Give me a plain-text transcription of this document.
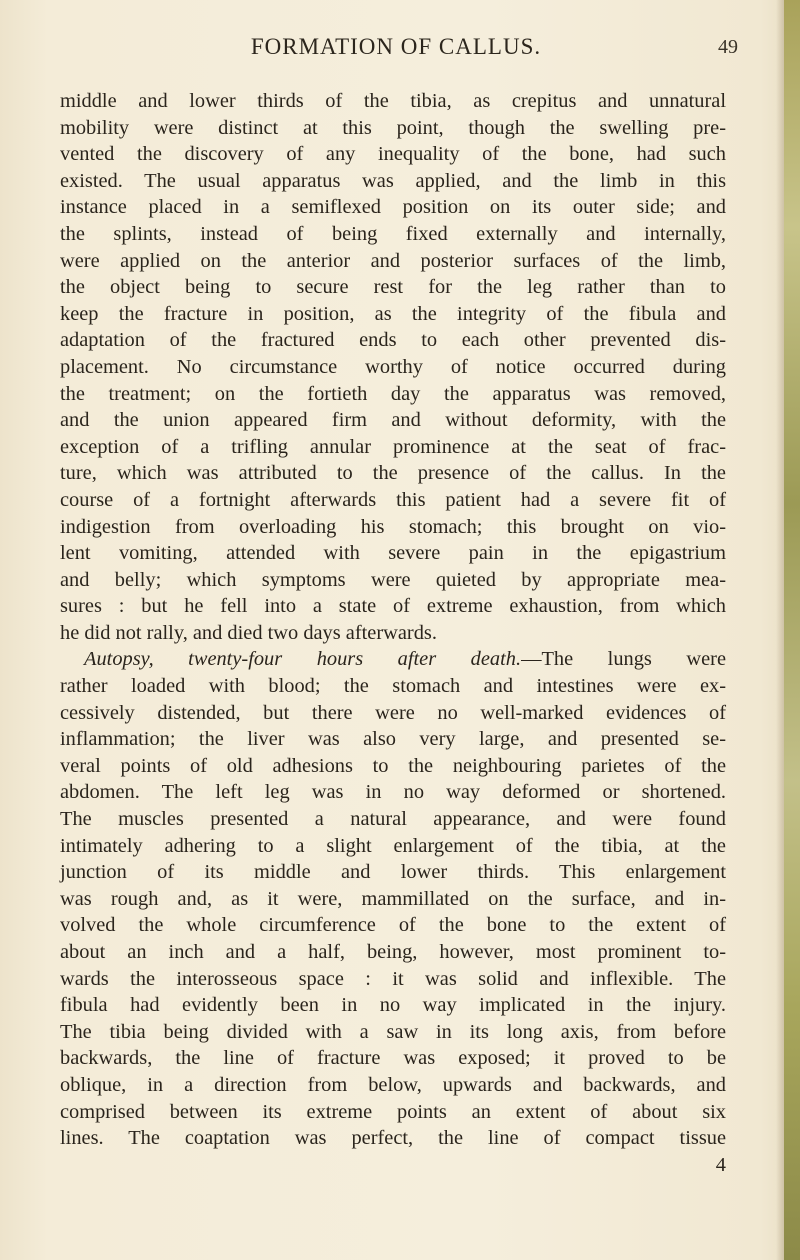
FORMATION OF CALLUS.	49
middle and lower thirds of the tibia, as crepitus and unnatural
mobility were distinct at this point, though the swelling pre-
vented the discovery of any inequality of the bone, had such
existed. The usual apparatus was applied, and the limb in this
instance placed in a semiflexed position on its outer side; and
the splints, instead of being fixed externally and internally,
were applied on the anterior and posterior surfaces of the limb,
the object being to secure rest for the leg rather than to
keep the fracture in position, as the integrity of the fibula and
adaptation of the fractured ends to each other prevented dis-
placement. No circumstance worthy of notice occurred during
the treatment; on the fortieth day the apparatus was removed,
and the union appeared firm and without deformity, with the
exception of a trifling annular prominence at the seat of frac-
ture, which was attributed to the presence of the callus. In the
course of a fortnight afterwards this patient had a severe fit of
indigestion from overloading his stomach; this brought on vio-
lent vomiting, attended with severe pain in the epigastrium
and belly; which symptoms were quieted by appropriate mea-
sures : but he fell into a state of extreme exhaustion, from which
he did not rally, and died two days afterwards.
Autopsy, twenty-four hours after death.—The lungs were
rather loaded with blood; the stomach and intestines were ex-
cessively distended, but there were no well-marked evidences of
inflammation; the liver was also very large, and presented se-
veral points of old adhesions to the neighbouring parietes of the
abdomen. The left leg was in no way deformed or shortened.
The muscles presented a natural appearance, and were found
intimately adhering to a slight enlargement of the tibia, at the
junction of its middle and lower thirds. This enlargement
was rough and, as it were, mammillated on the surface, and in-
volved the whole circumference of the bone to the extent of
about an inch and a half, being, however, most prominent to-
wards the interosseous space : it was solid and inflexible. The
fibula had evidently been in no way implicated in the injury.
The tibia being divided with a saw in its long axis, from before
backwards, the line of fracture was exposed; it proved to be
oblique, in a direction from below, upwards and backwards, and
comprised between its extreme points an extent of about six
lines. The coaptation was perfect, the line of compact tissue
4
